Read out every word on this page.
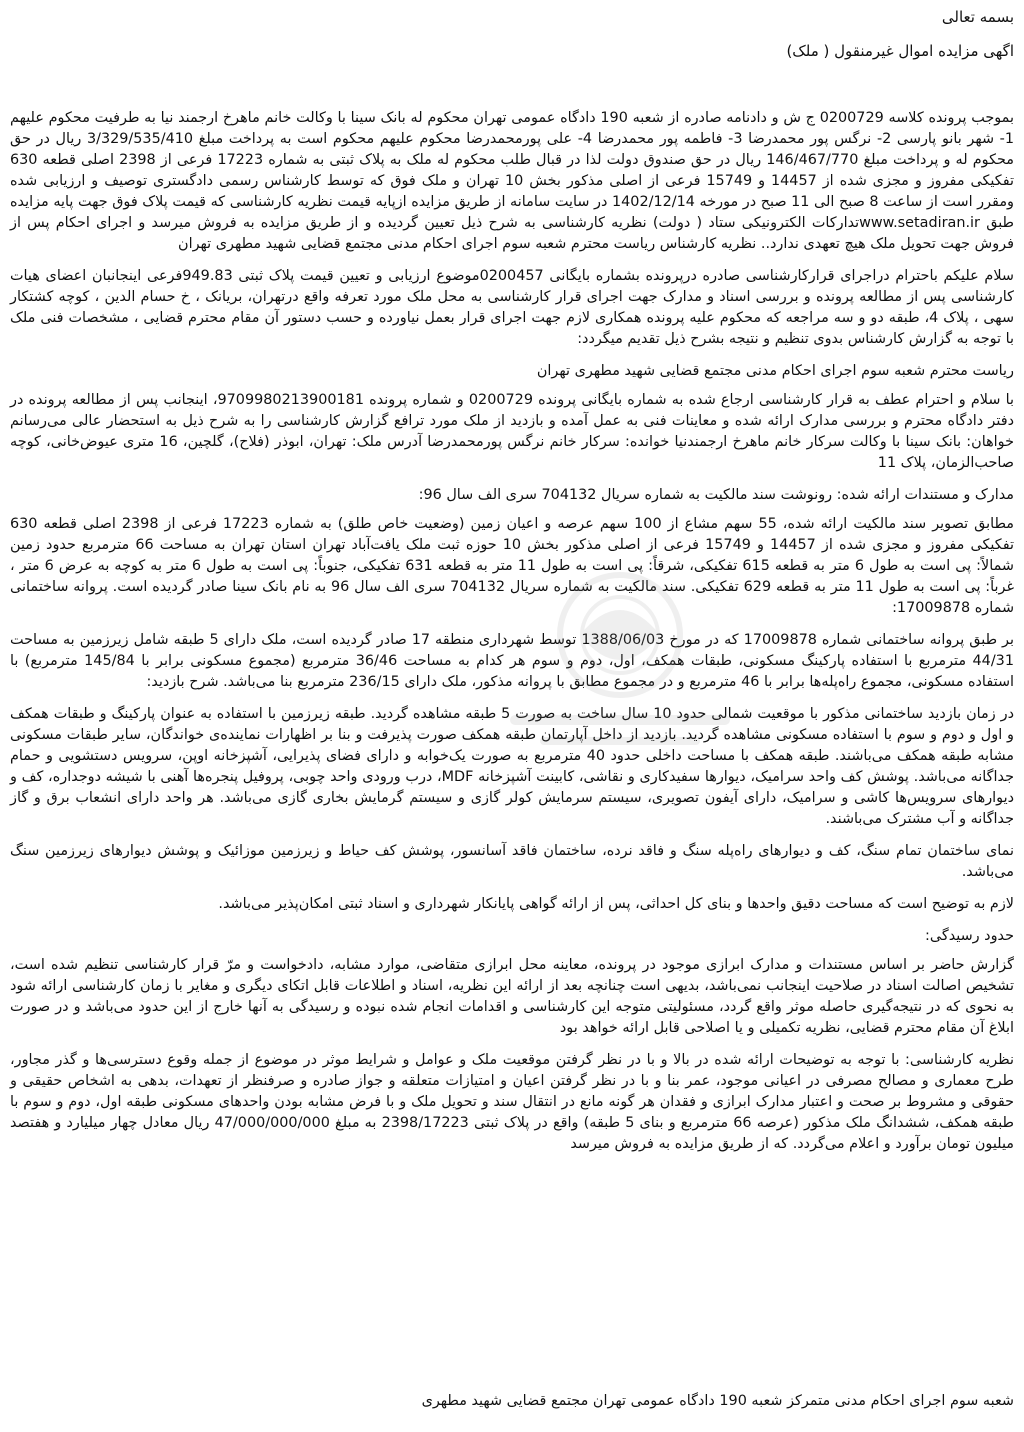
بسمه تعالی

اگهی مزایده اموال غیرمنقول ( ملک)

بموجب پرونده کلاسه 0200729 ج ش و دادنامه صادره از شعبه 190 دادگاه عمومی تهران محکوم له بانک سینا با وکالت خانم ماهرخ ارجمند نیا به طرفیت محکوم علیهم 1- شهر بانو پارسی 2- نرگس پور محمدرضا 3- فاطمه پور محمدرضا 4- علی پورمحمدرضا محکوم علیهم محکوم است به پرداخت مبلغ 3/329/535/410 ریال در حق محکوم له و پرداخت مبلغ 146/467/770 ریال در حق صندوق دولت لذا در قبال طلب محکوم له ملک به پلاک ثبتی به شماره 17223 فرعی از 2398 اصلی قطعه 630 تفکیکی مفروز و مجزی شده از 14457 و 15749 فرعی از اصلی مذکور بخش 10 تهران و ملک فوق که توسط کارشناس رسمی دادگستری توصیف و ارزیابی شده ومقرر است از ساعت 8 صبح الی 11 صبح در مورخه 1402/12/14 در سایت سامانه از طریق مزایده ازپایه قیمت نظریه کارشناسی که قیمت پلاک فوق جهت پایه مزایده طبق www.setadiran.irتدارکات الکترونیکی ستاد ( دولت) نظریه کارشناسی به شرح ذیل تعیین گردیده و از طریق مزایده به فروش میرسد و اجرای احکام پس از فروش جهت تحویل ملک هیچ تعهدی ندارد.. نظریه کارشناس ریاست محترم شعبه سوم اجرای احکام مدنی مجتمع قضایی شهید مطهری تهران

سلام علیکم باحترام دراجرای قرارکارشناسی صادره درپرونده بشماره بایگانی 0200457موضوع ارزیابی و تعیین قیمت پلاک ثبتی 949.83فرعی اینجانبان اعضای هیات کارشناسی پس از مطالعه پرونده و بررسی اسناد و مدارک جهت اجرای قرار کارشناسی به محل ملک مورد تعرفه واقع درتهران، بریانک ، خ حسام الدین ، کوچه کشتکار سهی ، پلاک 4، طبقه دو و سه مراجعه که محکوم علیه پرونده همکاری لازم جهت اجرای قرار بعمل نیاورده و حسب دستور آن مقام محترم قضایی ، مشخصات فنی ملک با توجه به گزارش کارشناس بدوی تنظیم و نتیجه بشرح ذیل تقدیم میگردد:

ریاست محترم شعبه سوم اجرای احکام مدنی مجتمع قضایی شهید مطهری تهران

با سلام و احترام عطف به قرار کارشناسی ارجاع شده به شماره بایگانی پرونده 0200729 و شماره پرونده 9709980213900181، اینجانب پس از مطالعه پرونده در دفتر دادگاه محترم و بررسی مدارک ارائه شده و معاینات فنی به عمل آمده و بازدید از ملک مورد ترافع گزارش کارشناسی را به شرح ذیل به استحضار عالی می‌رسانم خواهان: بانک سینا با وکالت سرکار خانم ماهرخ ارجمندنیا خوانده: سرکار خانم نرگس پورمحمدرضا آدرس ملک: تهران، ابوذر (فلاح)، گلچین، 16 متری عیوض‌خانی، کوچه صاحب‌الزمان، پلاک 11

مدارک و مستندات ارائه شده: رونوشت سند مالکیت به شماره سریال 704132 سری الف سال 96:

مطابق تصویر سند مالکیت ارائه شده، 55 سهم مشاع از 100 سهم عرصه و اعیان زمین (وضعیت خاص طلق) به شماره 17223 فرعی از 2398 اصلی قطعه 630 تفکیکی مفروز و مجزی شده از 14457 و 15749 فرعی از اصلی مذکور بخش 10 حوزه ثبت ملک یافت‌آباد تهران استان تهران به مساحت 66 مترمربع حدود زمین شمالاً: پی است به طول 6 متر به قطعه 615 تفکیکی، شرقاً: پی است به طول 11 متر به قطعه 631 تفکیکی، جنوباً: پی است به طول 6 متر به کوچه به عرض 6 متر ، غرباً: پی است به طول 11 متر به قطعه 629 تفکیکی. سند مالکیت به شماره سریال 704132 سری الف سال 96 به نام بانک سینا صادر گردیده است. پروانه ساختمانی شماره 17009878:

بر طبق پروانه ساختمانی شماره 17009878 که در مورخ 1388/06/03 توسط شهرداری منطقه 17 صادر گردیده است، ملک دارای 5 طبقه شامل زیرزمین به مساحت 44/31 مترمربع با استفاده پارکینگ مسکونی، طبقات همکف، اول، دوم و سوم هر کدام به مساحت 36/46 مترمربع (مجموع مسکونی برابر با 145/84 مترمربع) با استفاده مسکونی، مجموع راه‌پله‌ها برابر با 46 مترمربع و در مجموع مطابق با پروانه مذکور، ملک دارای 236/15 مترمربع بنا می‌باشد. شرح بازدید:

در زمان بازدید ساختمانی مذکور با موقعیت شمالی حدود 10 سال ساخت به صورت 5 طبقه مشاهده گردید. طبقه زیرزمین با استفاده به عنوان پارکینگ و طبقات همکف و اول و دوم و سوم با استفاده مسکونی مشاهده گردید. بازدید از داخل آپارتمان طبقه همکف صورت پذیرفت و بنا بر اظهارات نماینده‌ی خواندگان، سایر طبقات مسکونی مشابه طبقه همکف می‌باشند. طبقه همکف با مساحت داخلی حدود 40 مترمربع به صورت یک‌خوابه و دارای فضای پذیرایی، آشپزخانه اوپن، سرویس دستشویی و حمام جداگانه می‌باشد. پوشش کف واحد سرامیک، دیوارها سفیدکاری و نقاشی، کابینت آشپزخانه MDF، درب ورودی واحد چوبی، پروفیل پنجره‌ها آهنی با شیشه دوجداره، کف و دیوارهای سرویس‌ها کاشی و سرامیک، دارای آیفون تصویری، سیستم سرمایش کولر گازی و سیستم گرمایش بخاری گازی می‌باشد. هر واحد دارای انشعاب برق و گاز جداگانه و آب مشترک می‌باشند.

نمای ساختمان تمام سنگ، کف و دیوارهای راه‌پله سنگ و فاقد نرده، ساختمان فاقد آسانسور، پوشش کف حیاط و زیرزمین موزائیک و پوشش دیوارهای زیرزمین سنگ می‌باشد.

لازم به توضیح است که مساحت دقیق واحدها و بنای کل احداثی، پس از ارائه گواهی پایانکار شهرداری و اسناد ثبتی امکان‌پذیر می‌باشد.

حدود رسیدگی:

گزارش حاضر بر اساس مستندات و مدارک ابرازی موجود در پرونده، معاینه محل ابرازی متقاضی، موارد مشابه، دادخواست و مرّ قرار کارشناسی تنظیم شده است، تشخیص اصالت اسناد در صلاحیت اینجانب نمی‌باشد، بدیهی است چنانچه بعد از ارائه این نظریه، اسناد و اطلاعات قابل اتکای دیگری و مغایر با زمان کارشناسی ارائه شود به نحوی که در نتیجه‌گیری حاصله موثر واقع گردد، مسئولیتی متوجه این کارشناسی و اقدامات انجام شده نبوده و رسیدگی به آنها خارج از این حدود می‌باشد و در صورت ابلاغ آن مقام محترم قضایی، نظریه تکمیلی و یا اصلاحی قابل ارائه خواهد بود

نظریه کارشناسی: با توجه به توضیحات ارائه شده در بالا و با در نظر گرفتن موقعیت ملک و عوامل و شرایط موثر در موضوع از جمله وقوع دسترسی‌ها و گذر مجاور، طرح معماری و مصالح مصرفی در اعیانی موجود، عمر بنا و با در نظر گرفتن اعیان و امتیازات متعلقه و جواز صادره و صرفنظر از تعهدات، بدهی به اشخاص حقیقی و حقوقی و مشروط بر صحت و اعتبار مدارک ابرازی و فقدان هر گونه مانع در انتقال سند و تحویل ملک و با فرض مشابه بودن واحدهای مسکونی طبقه اول، دوم و سوم با طبقه همکف، ششدانگ ملک مذکور (عرصه 66 مترمربع و بنای 5 طبقه) واقع در پلاک ثبتی 2398/17223 به مبلغ 47/000/000/000 ریال معادل چهار میلیارد و هفتصد میلیون تومان برآورد و اعلام می‌گردد. که از طریق مزایده به فروش میرسد

شعبه سوم اجرای احکام مدنی متمرکز شعبه 190 دادگاه عمومی تهران مجتمع قضایی شهید مطهری
